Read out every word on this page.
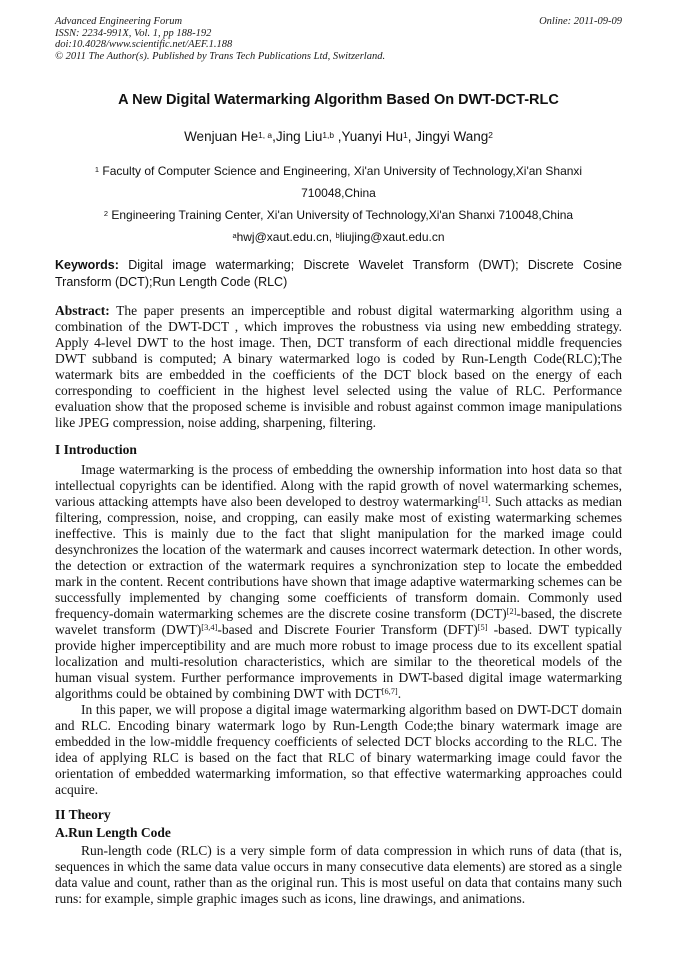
Advanced Engineering Forum
ISSN: 2234-991X, Vol. 1, pp 188-192
doi:10.4028/www.scientific.net/AEF.1.188
© 2011 The Author(s). Published by Trans Tech Publications Ltd, Switzerland.
Online: 2011-09-09
A New Digital Watermarking Algorithm Based On DWT-DCT-RLC
Wenjuan He$^{1, a}$,Jing Liu$^{1,b}$ ,Yuanyi Hu$^1$, Jingyi Wang$^2$
$^1$ Faculty of Computer Science and Engineering, Xi'an University of Technology,Xi'an Shanxi
710048,China
$^2$ Engineering Training Center, Xi'an University of Technology,Xi'an Shanxi 710048,China
$^a$hwj@xaut.edu.cn, $^b$liujing@xaut.edu.cn

Keywords: Digital image watermarking; Discrete Wavelet Transform (DWT); Discrete Cosine Transform (DCT);Run Length Code (RLC)

Abstract: The paper presents an imperceptible and robust digital watermarking algorithm using a combination of the DWT-DCT , which improves the robustness via using new embedding strategy. Apply 4-level DWT to the host image. Then, DCT transform of each directional middle frequencies DWT subband is computed; A binary watermarked logo is coded by Run-Length Code(RLC);The watermark bits are embedded in the coefficients of the DCT block based on the energy of each corresponding to coefficient in the highest level selected using the value of RLC. Performance evaluation show that the proposed scheme is invisible and robust against common image manipulations like JPEG compression, noise adding, sharpening, filtering.

I Introduction

Image watermarking is the process of embedding the ownership information into host data so that intellectual copyrights can be identified. Along with the rapid growth of novel watermarking schemes, various attacking attempts have also been developed to destroy watermarking[1]. Such attacks as median filtering, compression, noise, and cropping, can easily make most of existing watermarking schemes ineffective. This is mainly due to the fact that slight manipulation for the marked image could desynchronizes the location of the watermark and causes incorrect watermark detection. In other words, the detection or extraction of the watermark requires a synchronization step to locate the embedded mark in the content. Recent contributions have shown that image adaptive watermarking schemes can be successfully implemented by changing some coefficients of transform domain. Commonly used frequency-domain watermarking schemes are the discrete cosine transform (DCT)[2]-based, the discrete wavelet transform (DWT)[3,4]-based and Discrete Fourier Transform (DFT)[5] -based. DWT typically provide higher imperceptibility and are much more robust to image process due to its excellent spatial localization and multi-resolution characteristics, which are similar to the theoretical models of the human visual system. Further performance improvements in DWT-based digital image watermarking algorithms could be obtained by combining DWT with DCT[6,7].

In this paper, we will propose a digital image watermarking algorithm based on DWT-DCT domain and RLC. Encoding binary watermark logo by Run-Length Code;the binary watermark image are embedded in the low-middle frequency coefficients of selected DCT blocks according to the RLC. The idea of applying RLC is based on the fact that RLC of binary watermarking image could favor the orientation of embedded watermarking imformation, so that effective watermarking approaches could acquire.

II Theory
A.Run Length Code

Run-length code (RLC) is a very simple form of data compression in which runs of data (that is, sequences in which the same data value occurs in many consecutive data elements) are stored as a single data value and count, rather than as the original run. This is most useful on data that contains many such runs: for example, simple graphic images such as icons, line drawings, and animations.
